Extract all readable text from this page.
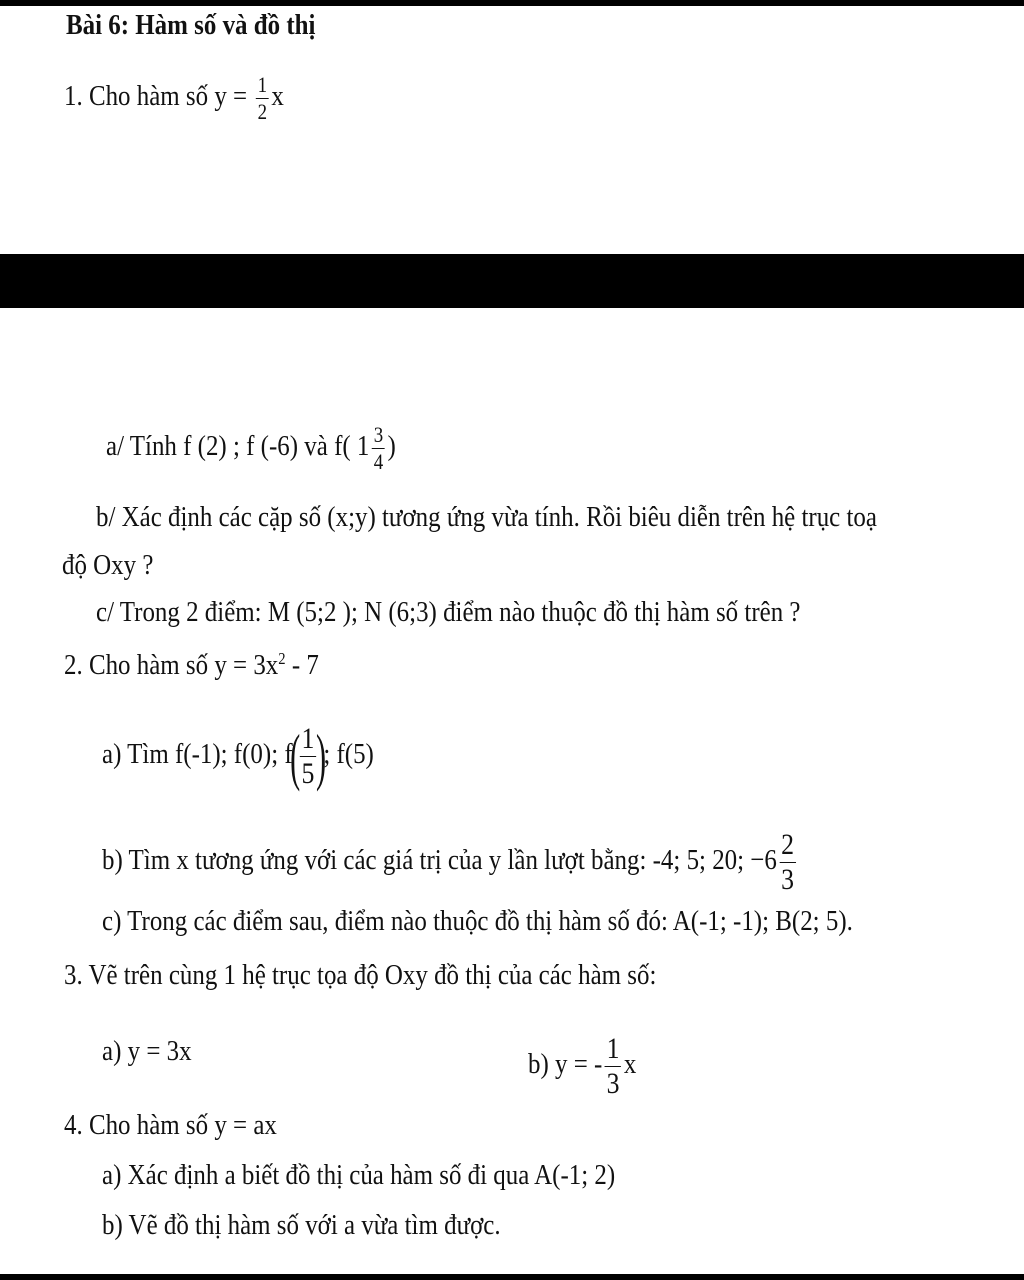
Bài 6: Hàm số và đồ thị
1. Cho hàm số $y = \frac{1}{2}$ x
a/ Tính f (2) ; f (-6) và f( $1 \frac{3}{4}$ )
b/ Xác định các cặp số (x;y) tương ứng vừa tính. Rồi biêu diễn trên hệ trục toạ
độ Oxy ?
c/ Trong 2 điểm: M (5;2 ); N (6;3) điểm nào thuộc đồ thị hàm số trên ?
2. Cho hàm số $y = 3x^2 - 7$
a) Tìm f(-1); f(0); $f( \frac{1}{5}$ ); f(5)
b) Tìm x tương ứng với các giá trị của y lần lượt bằng: -4; 5; 20; $-6 \frac{2}{3}$
c) Trong các điểm sau, điểm nào thuộc đồ thị hàm số đó: A(-1; -1); B(2; 5).
3. Vẽ trên cùng 1 hệ trục tọa độ Oxy đồ thị của các hàm số:
a) y = 3x	b) y = - $\frac{1}{3}$ x
4. Cho hàm số y = ax
a) Xác định a biết đồ thị của hàm số đi qua A(-1; 2)
b) Vẽ đồ thị hàm số với a vừa tìm được.
